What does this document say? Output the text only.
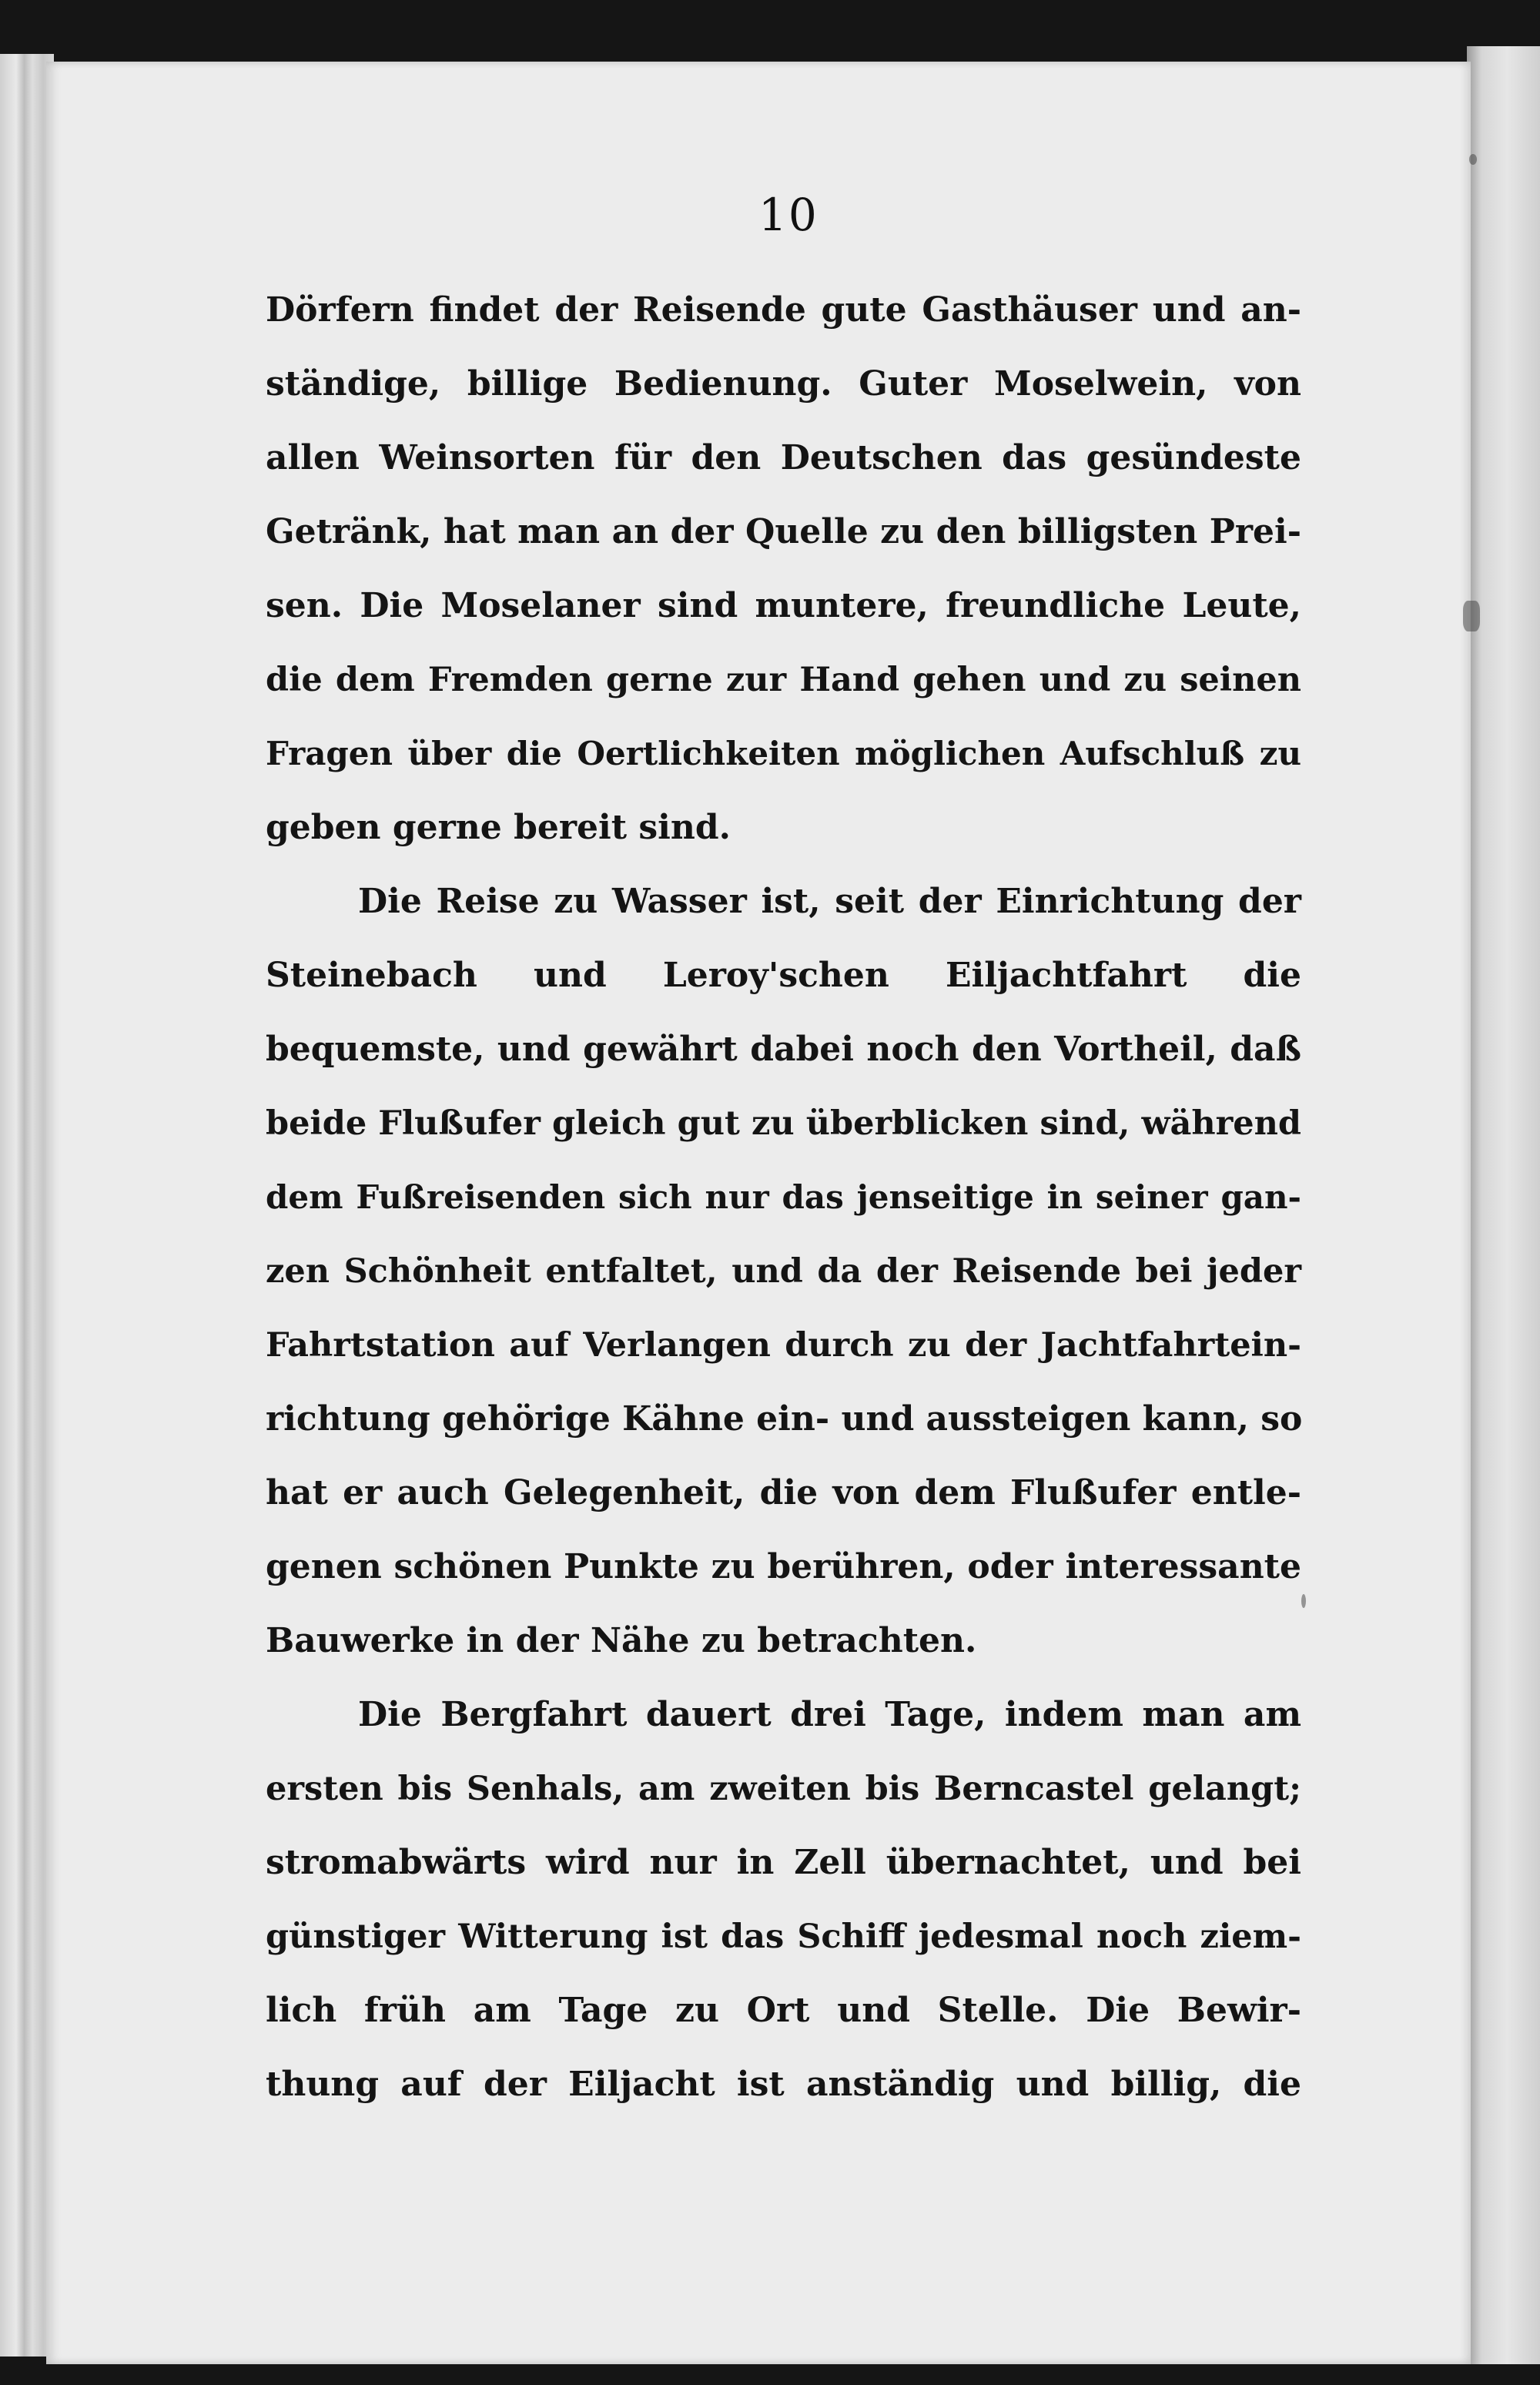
10
Dörfern findet der Reisende gute Gasthäuser und an-
ständige, billige Bedienung. Guter Moselwein, von
allen Weinsorten für den Deutschen das gesündeste
Getränk, hat man an der Quelle zu den billigsten Prei-
sen. Die Moselaner sind muntere, freundliche Leute,
die dem Fremden gerne zur Hand gehen und zu seinen
Fragen über die Oertlichkeiten möglichen Aufschluß zu
geben gerne bereit sind.
Die Reise zu Wasser ist, seit der Einrichtung der
Steinebach und Leroy'schen Eiljachtfahrt die
bequemste, und gewährt dabei noch den Vortheil, daß
beide Flußufer gleich gut zu überblicken sind, während
dem Fußreisenden sich nur das jenseitige in seiner gan-
zen Schönheit entfaltet, und da der Reisende bei jeder
Fahrtstation auf Verlangen durch zu der Jachtfahrtein-
richtung gehörige Kähne ein- und aussteigen kann, so
hat er auch Gelegenheit, die von dem Flußufer entle-
genen schönen Punkte zu berühren, oder interessante
Bauwerke in der Nähe zu betrachten.
Die Bergfahrt dauert drei Tage, indem man am
ersten bis Senhals, am zweiten bis Berncastel gelangt;
stromabwärts wird nur in Zell übernachtet, und bei
günstiger Witterung ist das Schiff jedesmal noch ziem-
lich früh am Tage zu Ort und Stelle. Die Bewir-
thung auf der Eiljacht ist anständig und billig, die
